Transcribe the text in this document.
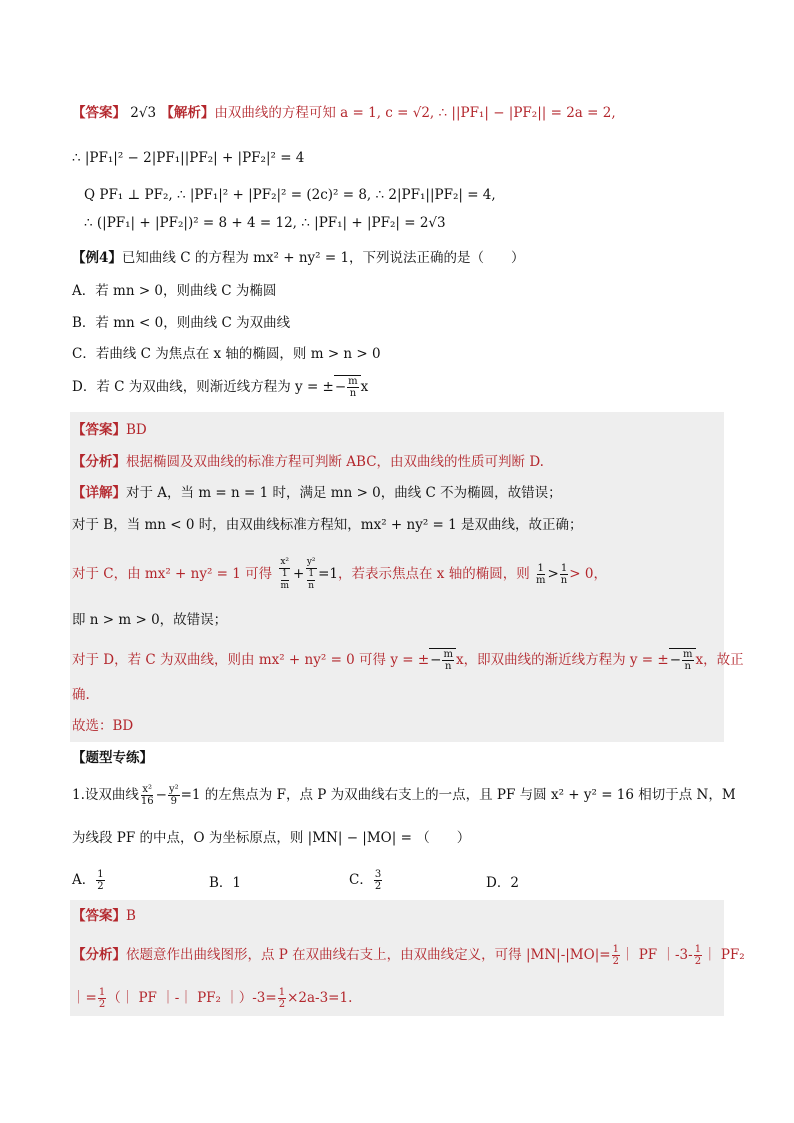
【答案】 2√3 【解析】由双曲线的方程可知 a = 1, c = √2, ∴ ||PF₁| − |PF₂|| = 2a = 2,
∴ |PF₁|² − 2|PF₁||PF₂| + |PF₂|² = 4
Q PF₁ ⊥ PF₂, ∴ |PF₁|² + |PF₂|² = (2c)² = 8, ∴ 2|PF₁||PF₂| = 4,
∴ (|PF₁| + |PF₂|)² = 8 + 4 = 12, ∴ |PF₁| + |PF₂| = 2√3
【例4】已知曲线 C 的方程为 mx² + ny² = 1，下列说法正确的是（　　）
A．若 mn > 0，则曲线 C 为椭圆
B．若 mn < 0，则曲线 C 为双曲线
C．若曲线 C 为焦点在 x 轴的椭圆，则 m > n > 0
D．若 C 为双曲线，则渐近线方程为 y = ±− $\frac{m}{n}$ x
【答案】BD
【分析】根据椭圆及双曲线的标准方程可判断 ABC，由双曲线的性质可判断 D.
【详解】对于 A，当 m = n = 1 时，满足 mn > 0，曲线 C 不为椭圆，故错误；
对于 B，当 mn < 0 时，由双曲线标准方程知，mx² + ny² = 1 是双曲线，故正确；
对于 C，由 mx² + ny² = 1 可得 $\frac{\text{x²}}{\frac{1}{m}} + \frac{\text{y²}}{\frac{1}{n}} =1$，若表示焦点在 x 轴的椭圆，则 $\frac{1}{m} > \frac{1}{n} > 0$，
即 n > m > 0，故错误；
对于 D，若 C 为双曲线，则由 mx² + ny² = 0 可得 y = ±− $\frac{m}{n}$ x，即双曲线的渐近线方程为 y = ±− $\frac{m}{n}$ x，故正
确.
故选：BD
【题型专练】
1.设双曲线 $\frac{\text{x²}}{16} - \frac{\text{y²}}{9} =1$ 的左焦点为 F，点 P 为双曲线右支上的一点，且 PF 与圆 x² + y² = 16 相切于点 N，M
为线段 PF 的中点，O 为坐标原点，则 |MN| − |MO| = （　　）
A． $\frac{1}{2}$	B．1	C． $\frac{3}{2}$	D．2
【答案】B
【分析】依题意作出曲线图形，点 P 在双曲线右支上，由双曲线定义，可得 $|MN|-|MO|= \frac{1}{2}$ ｜ PF ｜-3- $\frac{1}{2}$ ｜ PF₂
｜= $\frac{1}{2}$ （｜ PF ｜-｜ PF₂ ｜）-3= $\frac{1}{2} \times 2a-3=1$.
